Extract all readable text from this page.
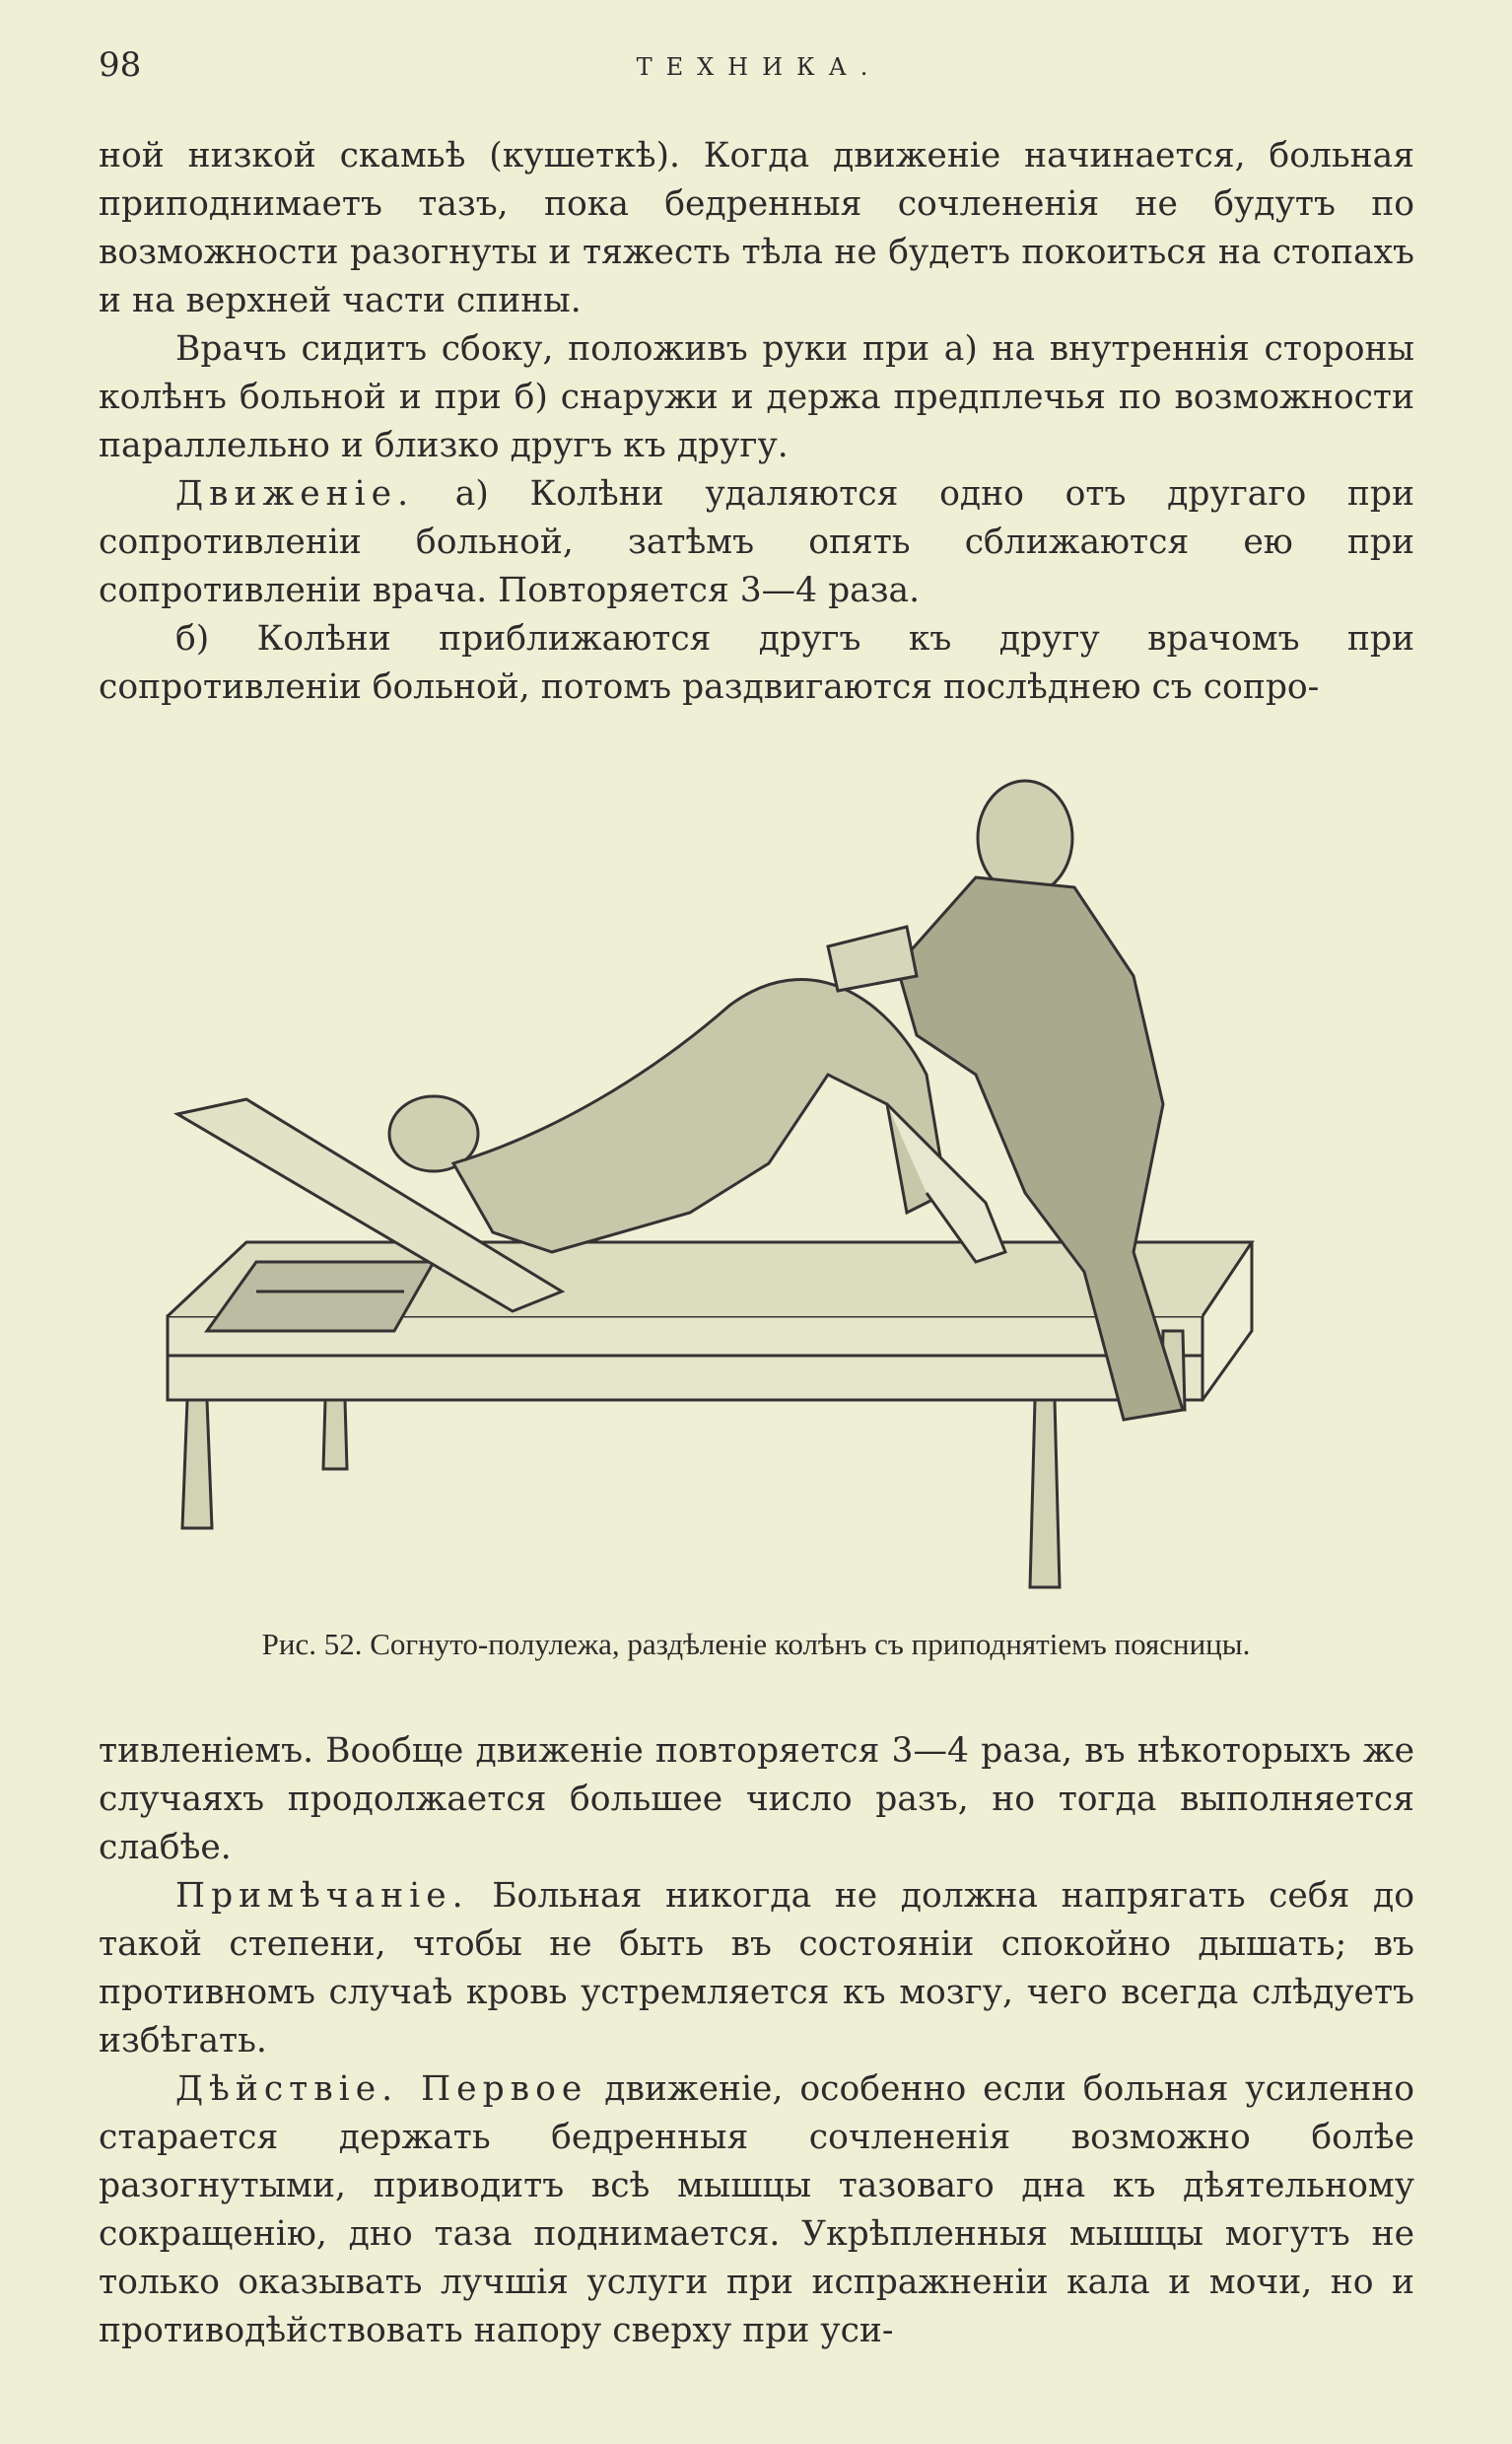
98	ТЕХНИКА.

ной низкой скамьѣ (кушеткѣ). Когда движеніе начинается, больная приподнимаетъ тазъ, пока бедренныя сочлененія не будутъ по возможности разогнуты и тяжесть тѣла не будетъ покоиться на стопахъ и на верхней части спины.

Врачъ сидитъ сбоку, положивъ руки при а) на внутреннія стороны колѣнъ больной и при б) снаружи и держа предплечья по возможности параллельно и близко другъ къ другу.

Движеніе. а) Колѣни удаляются одно отъ другаго при сопротивленіи больной, затѣмъ опять сближаются ею при сопротивленіи врача. Повторяется 3—4 раза.

б) Колѣни приближаются другъ къ другу врачомъ при сопротивленіи больной, потомъ раздвигаются послѣднею съ сопро-

Рис. 52. Согнуто-полулежа, раздѣленіе колѣнъ съ приподнятіемъ поясницы.

тивленіемъ. Вообще движеніе повторяется 3—4 раза, въ нѣкоторыхъ же случаяхъ продолжается большее число разъ, но тогда выполняется слабѣе.

Примѣчаніе. Больная никогда не должна напрягать себя до такой степени, чтобы не быть въ состояніи спокойно дышать; въ противномъ случаѣ кровь устремляется къ мозгу, чего всегда слѣдуетъ избѣгать.

Дѣйствіе. Первое движеніе, особенно если больная усиленно старается держать бедренныя сочлененія возможно болѣе разогнутыми, приводитъ всѣ мышцы тазоваго дна къ дѣятельному сокращенію, дно таза поднимается. Укрѣпленныя мышцы могутъ не только оказывать лучшія услуги при испражненіи кала и мочи, но и противодѣйствовать напору сверху при уси-
